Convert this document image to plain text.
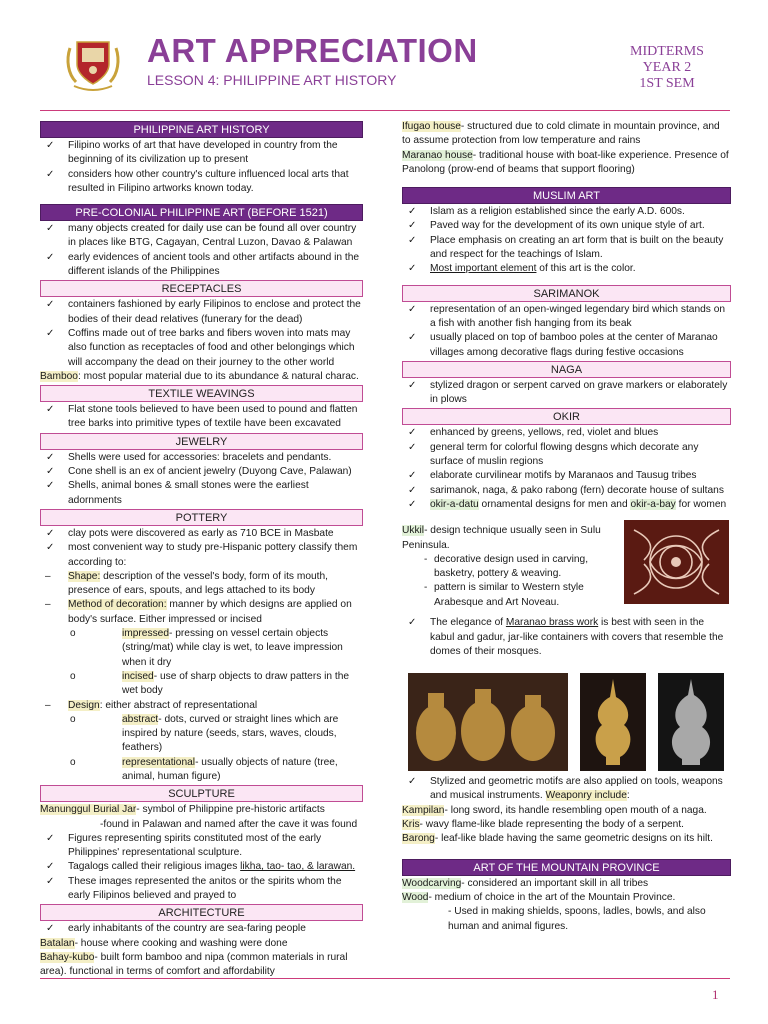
ART APPRECIATION
LESSON 4: PHILIPPINE ART HISTORY
MIDTERMS
YEAR 2
1ST SEM
PHILIPPINE ART HISTORY
✓ Filipino works of art that have developed in country from the beginning of its civilization up to present
✓ considers how other country's culture influenced local arts that resulted in Filipino artworks known today.
PRE-COLONIAL PHILIPPINE ART (BEFORE 1521)
✓ many objects created for daily use can be found all over country in places like BTG, Cagayan, Central Luzon, Davao & Palawan
✓ early evidences of ancient tools and other artifacts abound in the different islands of the Philippines
RECEPTACLES
✓ containers fashioned by early Filipinos to enclose and protect the bodies of their dead relatives (funerary for the dead)
✓ Coffins made out of tree barks and fibers woven into mats may also function as receptacles of food and other belongings which will accompany the dead on their journey to the other world
Bamboo: most popular material due to its abundance & natural charac.
TEXTILE WEAVINGS
✓ Flat stone tools believed to have been used to pound and flatten tree barks into primitive types of textile have been excavated
JEWELRY
✓ Shells were used for accessories: bracelets and pendants.
✓ Cone shell is an ex of ancient jewelry (Duyong Cave, Palawan)
✓ Shells, animal bones & small stones were the earliest adornments
POTTERY
✓ clay pots were discovered as early as 710 BCE in Masbate
✓ most convenient way to study pre-Hispanic pottery classify them according to:
– Shape: description of the vessel's body, form of its mouth, presence of ears, spouts, and legs attached to its body
– Method of decoration: manner by which designs are applied on body's surface. Either impressed or incised
o	impressed- pressing on vessel certain objects (string/mat) while clay is wet, to leave impression when it dry
o	incised- use of sharp objects to draw patters in the wet body
– Design: either abstract of representational
o	abstract- dots, curved or straight lines which are inspired by nature (seeds, stars, waves, clouds, feathers)
o	representational- usually objects of nature (tree, animal, human figure)
SCULPTURE
Manunggul Burial Jar- symbol of Philippine pre-historic artifacts
-found in Palawan and named after the cave it was found
✓ Figures representing spirits constituted most of the early Philippines' representational sculpture.
✓ Tagalogs called their religious images likha, tao- tao, & larawan.
✓ These images represented the anitos or the spirits whom the early Filipinos believed and prayed to
ARCHITECTURE
✓ early inhabitants of the country are sea-faring people
Batalan- house where cooking and washing were done
Bahay-kubo- built form bamboo and nipa (common materials in rural area). functional in terms of comfort and affordability
Ifugao house- structured due to cold climate in mountain province, and to assume protection from low temperature and rains
Maranao house- traditional house with boat-like experience. Presence of Panolong (prow-end of beams that support flooring)
MUSLIM ART
✓ Islam as a religion established since the early A.D. 600s.
✓ Paved way for the development of its own unique style of art.
✓ Place emphasis on creating an art form that is built on the beauty and respect for the teachings of Islam.
✓ Most important element of this art is the color.
SARIMANOK
✓ representation of an open-winged legendary bird which stands on a fish with another fish hanging from its beak
✓ usually placed on top of bamboo poles at the center of Maranao villages among decorative flags during festive occasions
NAGA
✓ stylized dragon or serpent carved on grave markers or elaborately in plows
OKIR
✓ enhanced by greens, yellows, red, violet and blues
✓ general term for colorful flowing desgns which decorate any surface of muslin regions
✓ elaborate curvilinear motifs by Maranaos and Tausug tribes
✓ sarimanok, naga, & pako rabong (fern) decorate house of sultans
✓ okir-a-datu ornamental designs for men and okir-a-bay for women
Ukkil- design technique usually seen in Sulu Peninsula.
- decorative design used in carving, basketry, pottery & weaving.
- pattern is similar to Western style Arabesque and Art Noveau.
✓ The elegance of Maranao brass work is best with seen in the kabul and gadur, jar-like containers with covers that resemble the domes of their mosques.
✓ Stylized and geometric motifs are also applied on tools, weapons and musical instruments. Weaponry include:
Kampilan- long sword, its handle resembling open mouth of a naga.
Kris- wavy flame-like blade representing the body of a serpent.
Barong- leaf-like blade having the same geometric designs on its hilt.
ART OF THE MOUNTAIN PROVINCE
Woodcarving- considered an important skill in all tribes
Wood- medium of choice in the art of the Mountain Province.
- Used in making shields, spoons, ladles, bowls, and also human and animal figures.
1
